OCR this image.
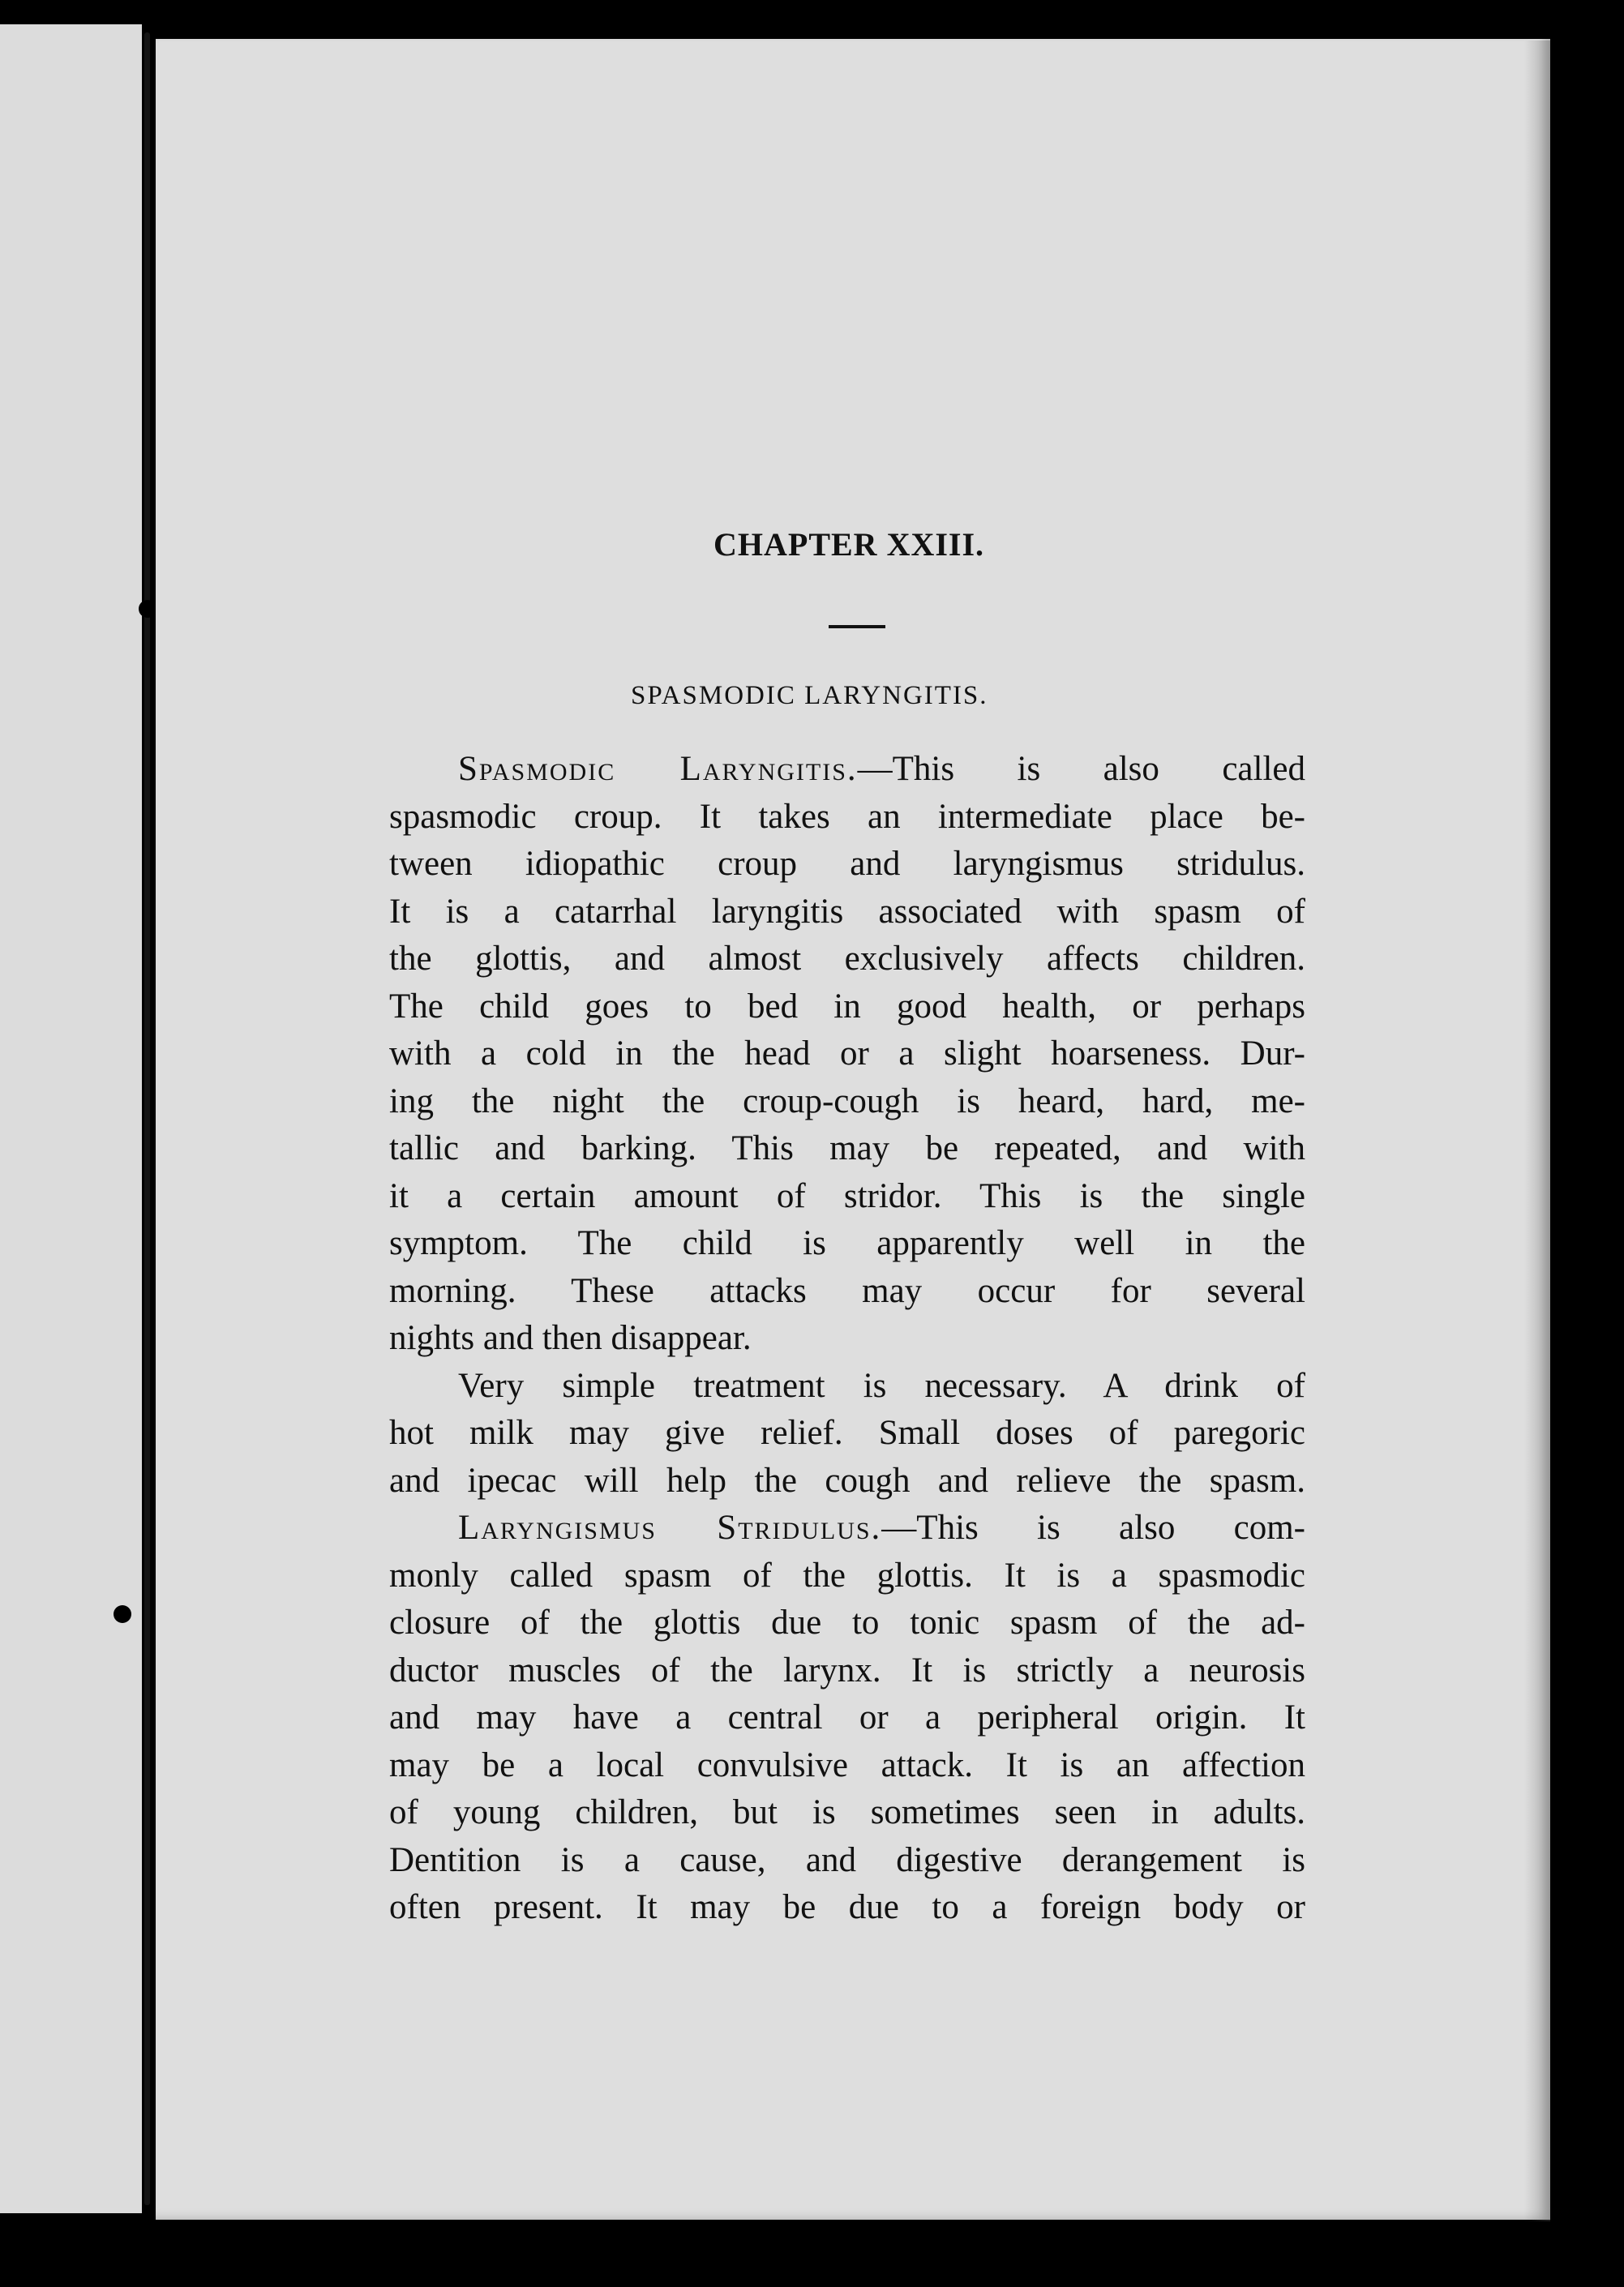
CHAPTER XXIII.
SPASMODIC LARYNGITIS.
Spasmodic Laryngitis.—This is also called
spasmodic croup. It takes an intermediate place be-
tween idiopathic croup and laryngismus stridulus.
It is a catarrhal laryngitis associated with spasm of
the glottis, and almost exclusively affects children.
The child goes to bed in good health, or perhaps
with a cold in the head or a slight hoarseness. Dur-
ing the night the croup-cough is heard, hard, me-
tallic and barking. This may be repeated, and with
it a certain amount of stridor. This is the single
symptom. The child is apparently well in the
morning. These attacks may occur for several
nights and then disappear.
Very simple treatment is necessary. A drink of
hot milk may give relief. Small doses of paregoric
and ipecac will help the cough and relieve the spasm.
Laryngismus Stridulus.—This is also com-
monly called spasm of the glottis. It is a spasmodic
closure of the glottis due to tonic spasm of the ad-
ductor muscles of the larynx. It is strictly a neurosis
and may have a central or a peripheral origin. It
may be a local convulsive attack. It is an affection
of young children, but is sometimes seen in adults.
Dentition is a cause, and digestive derangement is
often present. It may be due to a foreign body or
